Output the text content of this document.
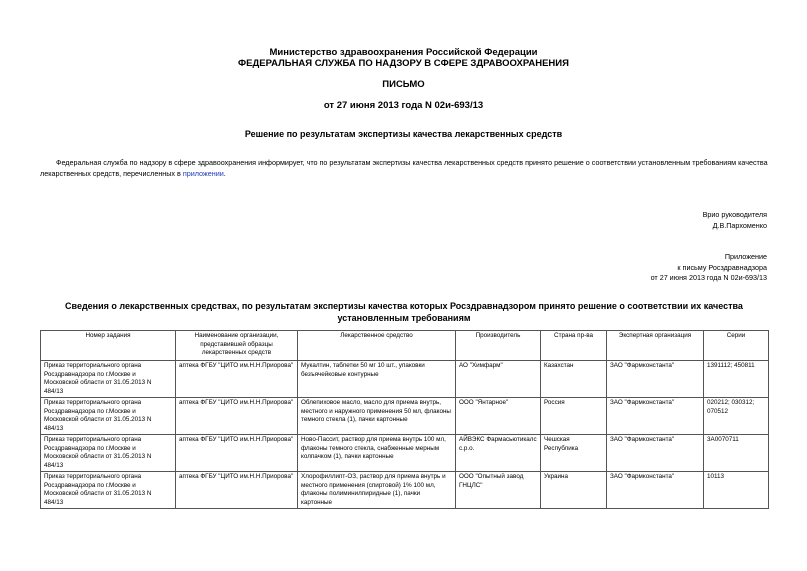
Министерство здравоохранения Российской Федерации
ФЕДЕРАЛЬНАЯ СЛУЖБА ПО НАДЗОРУ В СФЕРЕ ЗДРАВООХРАНЕНИЯ
ПИСЬМО
от 27 июня 2013 года N 02и-693/13
Решение по результатам экспертизы качества лекарственных средств
Федеральная служба по надзору в сфере здравоохранения информирует, что по результатам экспертизы качества лекарственных средств принято решение о соответствии установленным требованиям качества лекарственных средств, перечисленных в приложении.
Врио руководителя
Д.В.Пархоменко
Приложение
к письму Росздравнадзора
от 27 июня 2013 года N 02и-693/13
Сведения о лекарственных средствах, по результатам экспертизы качества которых Росздравнадзором принято решение о соответствии их качества установленным требованиям
Номер задания	Наименование организации, представившей образцы лекарственных средств	Лекарственное средство	Производитель	Страна пр-ва	Экспертная организация	Серии
Приказ территориального органа Росздравнадзора по г.Москве и Московской области от 31.05.2013 N 484/13	аптека ФГБУ "ЦИТО им.Н.Н.Приорова"	Мукалтин, таблетки 50 мг 10 шт., упаковки безъячейковые контурные	АО "Химфарм"	Казахстан	ЗАО "Фармконстанта"	1391112; 450811
Приказ территориального органа Росздравнадзора по г.Москве и Московской области от 31.05.2013 N 484/13	аптека ФГБУ "ЦИТО им.Н.Н.Приорова"	Облепиховое масло, масло для приема внутрь, местного и наружного применения 50 мл, флаконы темного стекла (1), пачки картонные	ООО "Янтарное"	Россия	ЗАО "Фармконстанта"	020212; 030312; 070512
Приказ территориального органа Росздравнадзора по г.Москве и Московской области от 31.05.2013 N 484/13	аптека ФГБУ "ЦИТО им.Н.Н.Приорова"	Ново-Пассит, раствор для приема внутрь 100 мл, флаконы темного стекла, снабженные мерным колпачком (1), пачки картонные	АЙВЭКС Фармасьютикалс с.р.о.	Чешская Республика	ЗАО "Фармконстанта"	3А0070711
Приказ территориального органа Росздравнадзора по г.Москве и Московской области от 31.05.2013 N 484/13	аптека ФГБУ "ЦИТО им.Н.Н.Приорова"	Хлорофиллипт-ОЗ, раствор для приема внутрь и местного применения (спиртовой) 1% 100 мл, флаконы полиминилпиридные (1), пачки картонные	ООО "Опытный завод ГНЦЛС"	Украина	ЗАО "Фармконстанта"	10113
